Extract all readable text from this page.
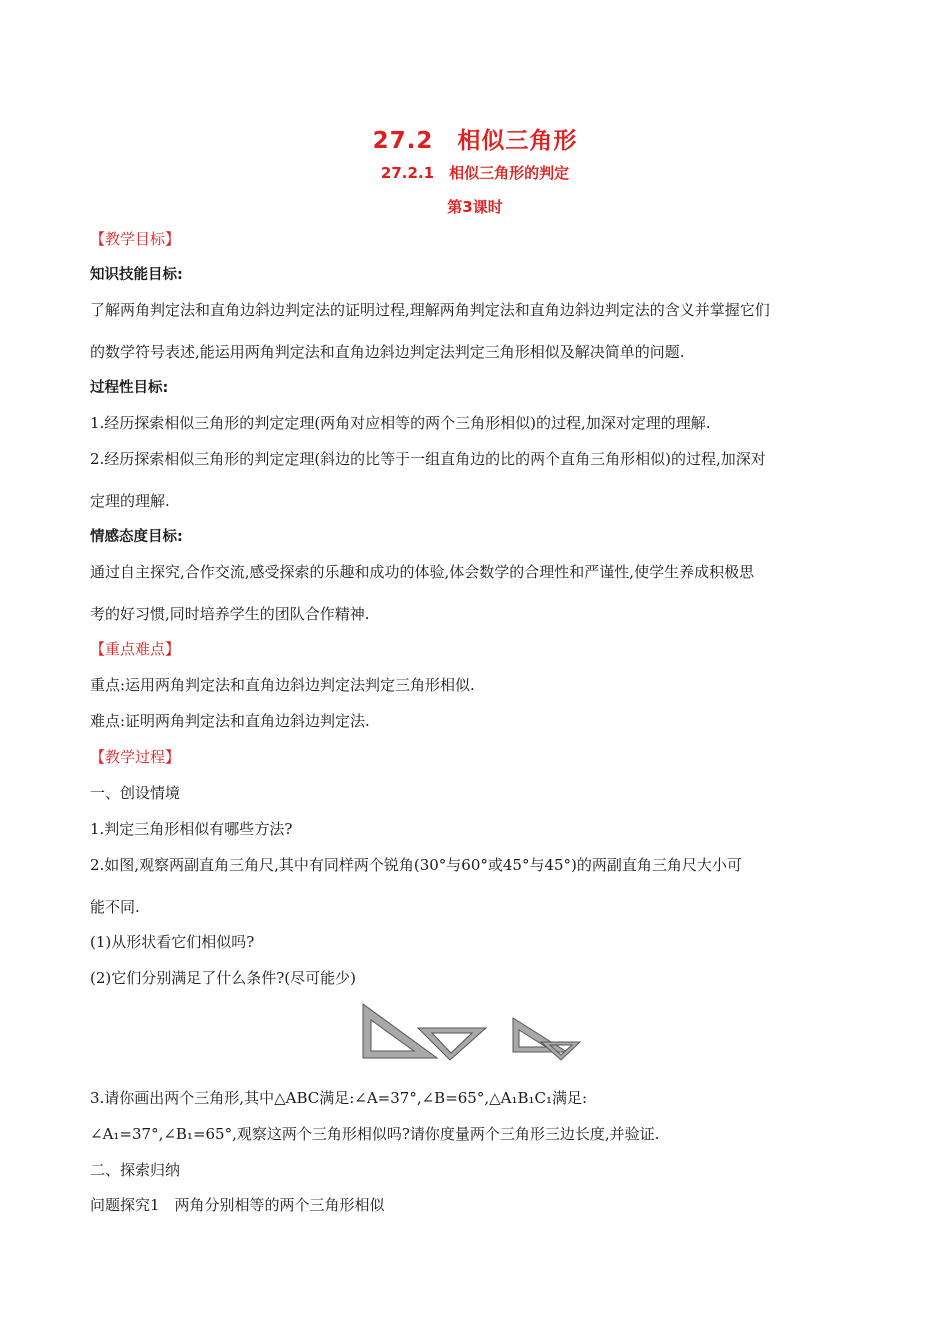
27.2　相似三角形
27.2.1　相似三角形的判定
第3课时
【教学目标】
知识技能目标:
了解两角判定法和直角边斜边判定法的证明过程,理解两角判定法和直角边斜边判定法的含义并掌握它们
的数学符号表述,能运用两角判定法和直角边斜边判定法判定三角形相似及解决简单的问题.
过程性目标:
1.经历探索相似三角形的判定定理(两角对应相等的两个三角形相似)的过程,加深对定理的理解.
2.经历探索相似三角形的判定定理(斜边的比等于一组直角边的比的两个直角三角形相似)的过程,加深对
定理的理解.
情感态度目标:
通过自主探究,合作交流,感受探索的乐趣和成功的体验,体会数学的合理性和严谨性,使学生养成积极思
考的好习惯,同时培养学生的团队合作精神.
【重点难点】
重点:运用两角判定法和直角边斜边判定法判定三角形相似.
难点:证明两角判定法和直角边斜边判定法.
【教学过程】
一、创设情境
1.判定三角形相似有哪些方法?
2.如图,观察两副直角三角尺,其中有同样两个锐角(30°与60°或45°与45°)的两副直角三角尺大小可
能不同.
(1)从形状看它们相似吗?
(2)它们分别满足了什么条件?(尽可能少)
3.请你画出两个三角形,其中△ABC满足:∠A=37°,∠B=65°,△A₁B₁C₁满足:
∠A₁=37°,∠B₁=65°,观察这两个三角形相似吗?请你度量两个三角形三边长度,并验证.
二、探索归纳
问题探究1　两角分别相等的两个三角形相似
